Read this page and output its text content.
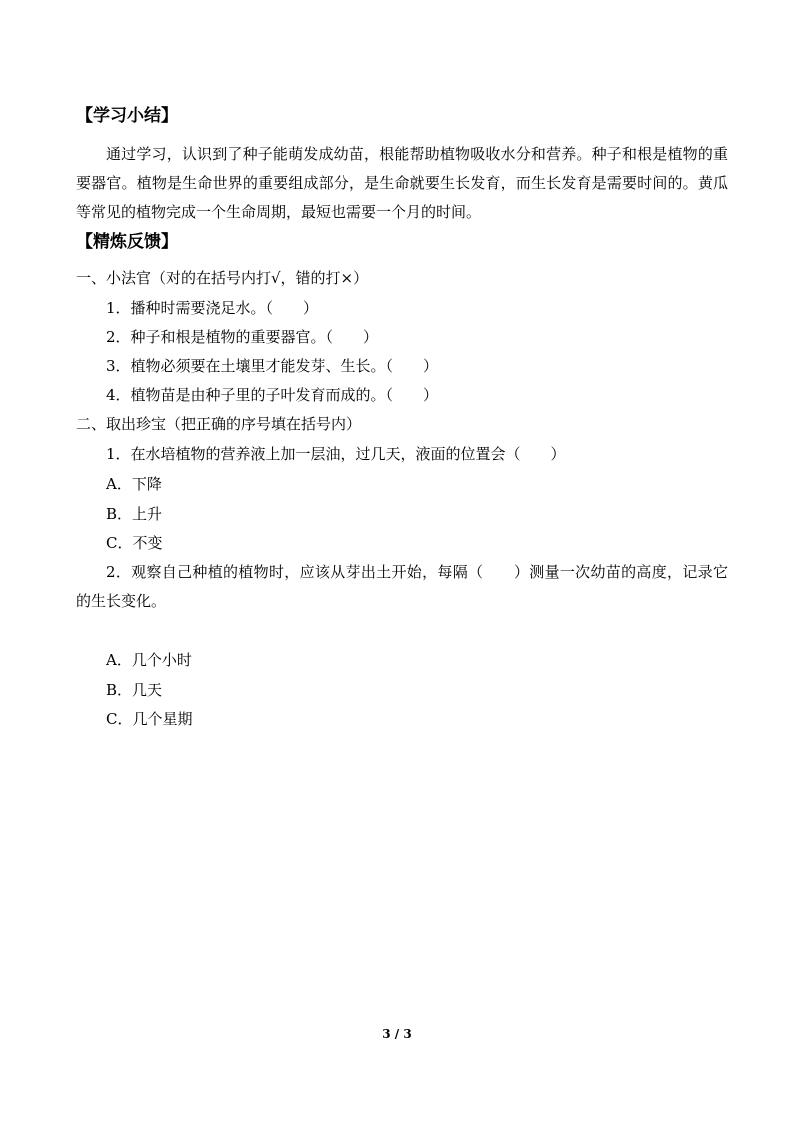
【学习小结】
通过学习，认识到了种子能萌发成幼苗，根能帮助植物吸收水分和营养。种子和根是植物的重要器官。植物是生命世界的重要组成部分，是生命就要生长发育，而生长发育是需要时间的。黄瓜等常见的植物完成一个生命周期，最短也需要一个月的时间。
【精炼反馈】
一、小法官（对的在括号内打√，错的打×）
1．播种时需要浇足水。（　　）
2．种子和根是植物的重要器官。（　　）
3．植物必须要在土壤里才能发芽、生长。（　　）
4．植物苗是由种子里的子叶发育而成的。（　　）
二、取出珍宝（把正确的序号填在括号内）
1．在水培植物的营养液上加一层油，过几天，液面的位置会（　　）
A．下降
B．上升
C．不变
2．观察自己种植的植物时，应该从芽出土开始，每隔（　　）测量一次幼苗的高度，记录它的生长变化。
A．几个小时
B．几天
C．几个星期
3 / 3
